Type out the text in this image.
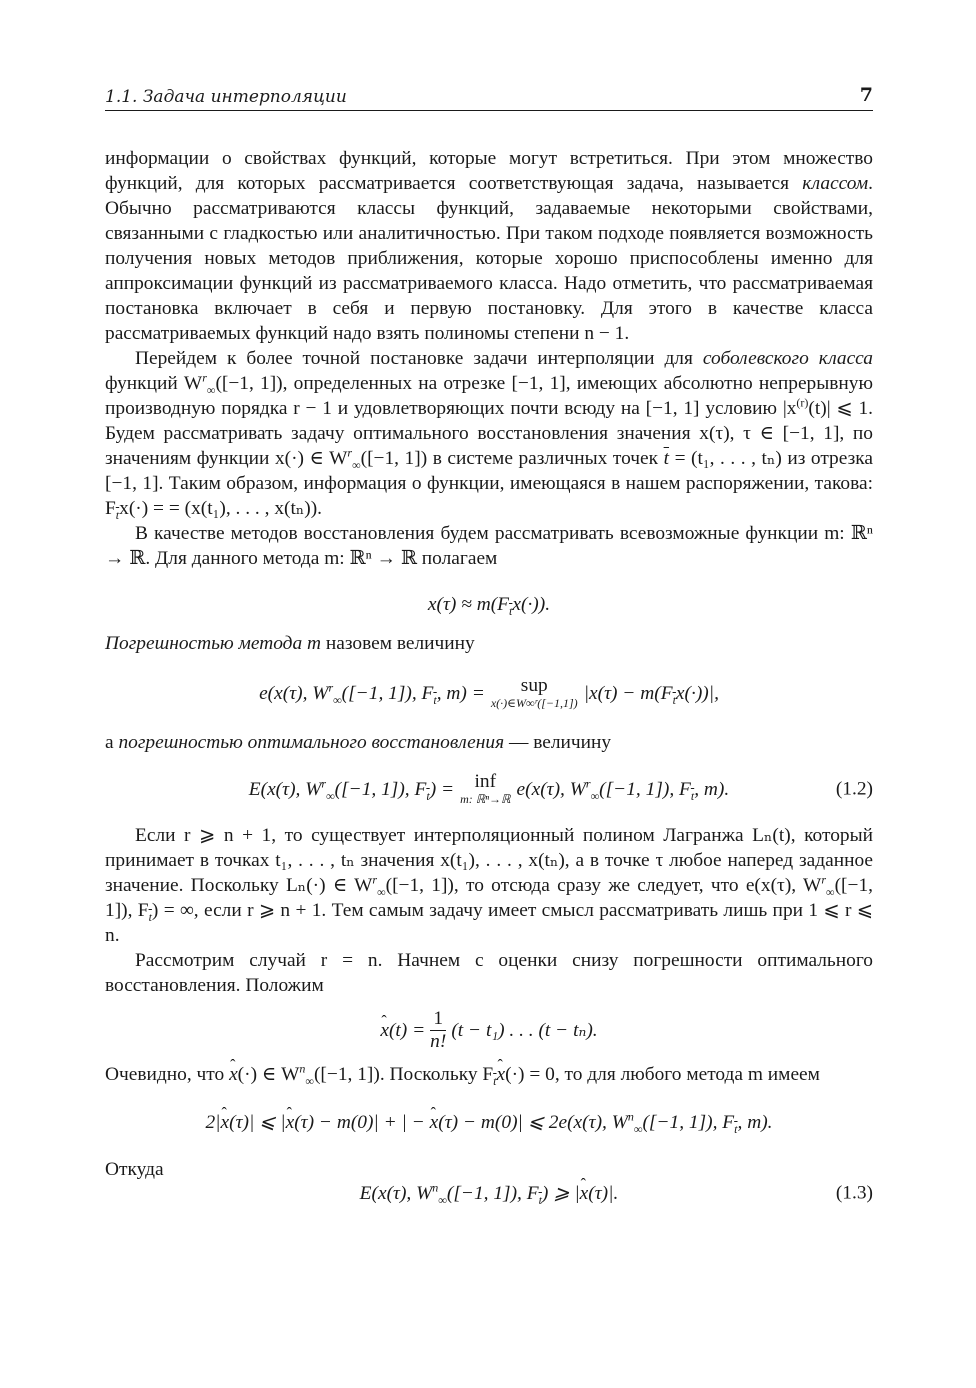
1.1. Задача интерполяции	7

информации о свойствах функций, которые могут встретиться. При этом множество функций, для которых рассматривается соответствующая задача, называется классом. Обычно рассматриваются классы функций, задаваемые некоторыми свойствами, связанными с гладкостью или аналитичностью. При таком подходе появляется возможность получения новых методов приближения, которые хорошо приспособлены именно для аппроксимации функций из рассматриваемого класса. Надо отметить, что рассматриваемая постановка включает в себя и первую постановку. Для этого в качестве класса рассматриваемых функций надо взять полиномы степени n − 1.

Перейдем к более точной постановке задачи интерполяции для соболевского класса функций $W^r_\infty([-1$, 1]), определенных на отрезке [−1, 1], имеющих абсолютно непрерывную производную порядка r − 1 и удовлетворяющих почти всюду на [−1, 1] условию $|x^{(r)}(t)|$ ⩽ 1. Будем рассматривать задачу оптимального восстановления значения x(τ), τ ∈ [−1, 1], по значениям функции x(·) ∈ $W^r_\infty([-1$, 1]) в системе различных точек $\overline{t} = (t_1$, . . . , tₙ) из отрезка [−1, 1]. Таким образом, информация о функции, имеющаяся в нашем распоряжении, такова: $F_{\overline{t}}x(\cdot)$ = = (x(t₁), . . . , x(tₙ)).

В качестве методов восстановления будем рассматривать всевозможные функции m: ℝⁿ → ℝ. Для данного метода m: ℝⁿ → ℝ полагаем

$x(\tau) \approx m(F_{\overline{t}}x(\cdot))$.

Погрешностью метода m назовем величину

e(x(τ), $W^r_\infty([-1$, 1]), $F_{\overline{t}}$, m) = sup
x(·)∈W∞ʳ([−1,1]) $|x(\tau) - m(F_{\overline{t}}x(\cdot))|$,

а погрешностью оптимального восстановления — величину

E(x(τ), $W^r_\infty([-1$, 1]), $F_{\overline{t}}$) = inf
m: ℝⁿ→ℝ e(x(τ), $W^r_\infty([-1$, 1]), $F_{\overline{t}}$, m).	(1.2)

Если r ⩾ n + 1, то существует интерполяционный полином Лагранжа Lₙ(t), который принимает в точках t₁, . . . , tₙ значения x(t₁), . . . , x(tₙ), а в точке τ любое наперед заданное значение. Поскольку Lₙ(·) ∈ $W^r_\infty([-1$, 1]), то отсюда сразу же следует, что e(x(τ), $W^r_\infty([-1$, 1]), $F_{\overline{t}}$) = ∞, если r ⩾ n + 1. Тем самым задачу имеет смысл рассматривать лишь при 1 ⩽ r ⩽ n.

Рассмотрим случай r = n. Начнем с оценки снизу погрешности оптимального восстановления. Положим

ˆ $x(t) = \frac{1}{n!} (t - t_1)$ . . . (t − tₙ).

Очевидно, что ˆ x(·) ∈ $W^n_\infty([-1$, 1]). Поскольку $F_{\overline{t}}ˆ$ x(·) = 0, то для любого метода m имеем

2|ˆ x(τ)| ⩽ |ˆ x(τ) − m(0)| + | − ˆ x(τ) − m(0)| ⩽ 2e(x(τ), $W^n_\infty([-1$, 1]), $F_{\overline{t}}$, m).

Откуда

E(x(τ), $W^n_\infty([-1$, 1]), $F_{\overline{t}}$) ⩾ |ˆ x(τ)|.	(1.3)
